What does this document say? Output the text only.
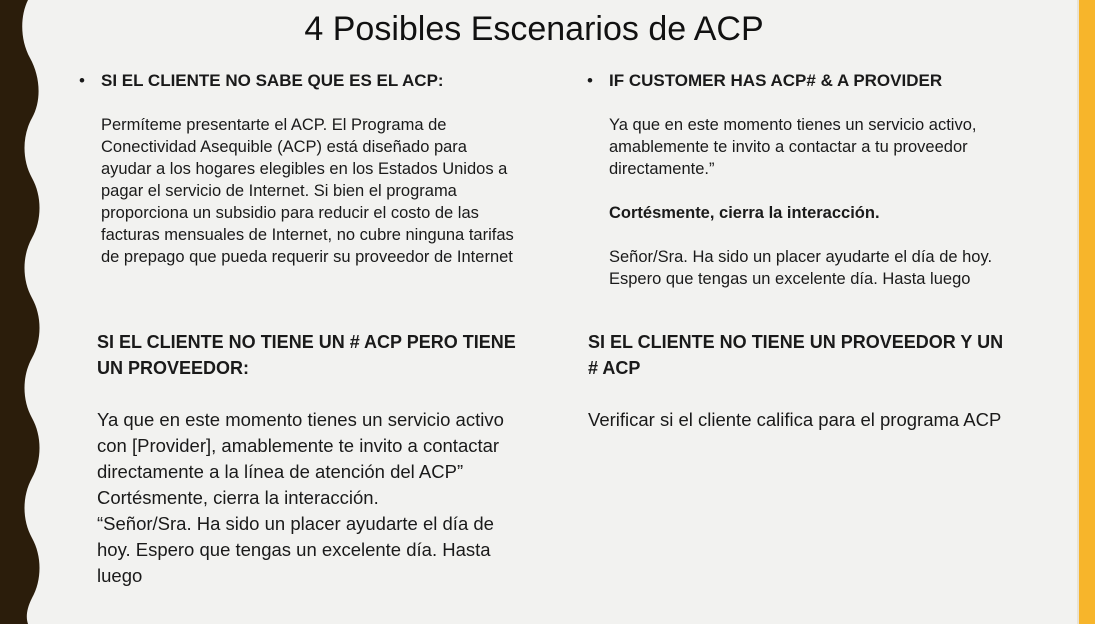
4 Posibles Escenarios de ACP
• SI EL CLIENTE NO SABE QUE ES EL ACP:
Permíteme presentarte el ACP. El Programa de Conectividad Asequible (ACP) está diseñado para ayudar a los hogares elegibles en los Estados Unidos a pagar el servicio de Internet. Si bien el programa proporciona un subsidio para reducir el costo de las facturas mensuales de Internet, no cubre ninguna tarifas de prepago que pueda requerir su proveedor de Internet
• IF CUSTOMER HAS ACP# & A PROVIDER
Ya que en este momento tienes un servicio activo, amablemente te invito a contactar a tu proveedor directamente.”
Cortésmente, cierra la interacción.
Señor/Sra. Ha sido un placer ayudarte el día de hoy. Espero que tengas un excelente día. Hasta luego
SI EL CLIENTE NO TIENE UN # ACP PERO TIENE UN PROVEEDOR:
Ya que en este momento tienes un servicio activo con [Provider], amablemente te invito a contactar directamente a la línea de atención del ACP”
Cortésmente, cierra la interacción.
“Señor/Sra. Ha sido un placer ayudarte el día de hoy. Espero que tengas un excelente día. Hasta luego
SI EL CLIENTE NO TIENE UN PROVEEDOR Y UN # ACP
Verificar si el cliente califica para el programa ACP
